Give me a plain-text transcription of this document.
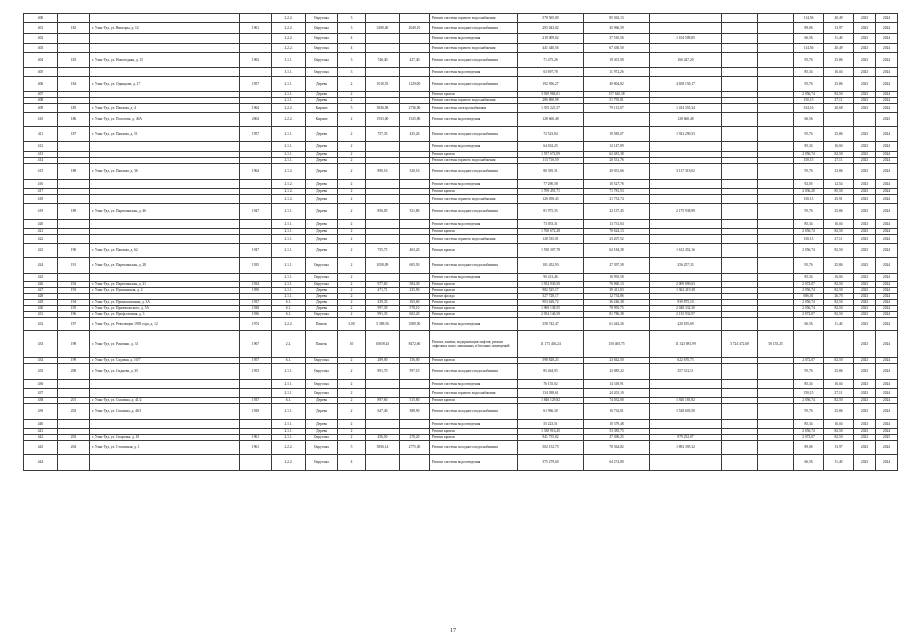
400				2.2.2.	Округлых	3			Ремонт системы горячего водоснабжения	578 565,00	85 363,13				114,56	20,49	2023	2024
401	182	г. Улан-Удэ, ул. Викторы, д. 14	1961	2.2.2.	Округлых	3	3290,40	2040,10	Ремонт системы холодного водоснабжения	293 043,02	45 966,59				89,06	13,97	2023	2024
402				2.2.2.	Округлых	4			Ремонт системы водоотведения	219 009,02	37 510,56	1 104 509,85			66,56	11,40	2023	2024
403				2.2.2.	Округлых	4			Ремонт системы горячего водоснабжения	441 440,56	67 430,50				114,56	20,49	2023	2024
404	183	г. Улан-Удэ, ул. Новогодняя, д. 15	1963	3.1.1.	Округлых	3	746,40	427,40	Ремонт системы холодного водоснабжения	71 475,26	19 301,90	166 447,20			95,76	25,86	2023	2024
405				3.1.1.	Округлых	3			Ремонт системы водоотведения	63 697,78	11 972,26				85,34	16,04	2023	2024
406	184	г. Улан-Удэ, ул. Одинцова, д. 17	1957	2.1.1.	Деревя	2	1010,55	1129,00	Ремонт системы холодного водоснабжения	192 956,27	49 804,82	4 658 150,17			95,76	25,86	2023	2024
407				2.1.1.	Деревя	2			Ремонт кровли	3 929 984,01	157 620,38				2 056,74	82,50	2023	2024
408				2.1.1.	Деревя	2			Ремонт системы горячего водоснабжения	286 860,98	51 795,01				150,15	27,11	2023	2024
409	185	г. Улан-Удэ, ул. Павлова, д. 4	1964	2.2.2.	Кирпич	5	3836,58	2736,00	Ремонт системы электроснабжения	1 355 221,57	79 113,07	1 434 355,34			354,16	20,68	2023	2024
410	186	г. Улан-Удэ, ул. Пологова, д. 40А	2004	2.2.2.	Кирпич	2	1933,00	1525,80	Ремонт системы водоотведения	128 660,48		128 660,48			66,56			2023
411	187	г. Улан-Удэ, ул. Павлова, д. 51	1957	2.1.1.	Деревя	2	757,35	435,20	Ремонт системы холодного водоснабжения	72 523,84	19 585,07	1 923 290,53			95,76	25,86	2023	2024
412				2.1.1.	Деревя	2			Ремонт системы водоотведения	64 632,25	12 147,89				85,34	16,04	2023	2024
413				2.1.1.	Деревя	2			Ремонт кровли	1 557 672,09	62 481,38				2 056,74	82,50	2023	2024
414				2.1.1.	Деревя	2			Ремонт системы горячего водоснабжения	113 716,59	20 531,76				150,15	27,11	2023	2024
415	188	г. Улан-Удэ, ул. Павлова, д. 36	1964	2.1.2.	Деревя	2	890,16	320,16	Ремонт системы холодного водоснабжения	80 395,31	20 031,66	3 117 319,02			95,76	23,86	2023	2024
416				2.1.2.	Деревя	2			Ремонт системы водоотведения	77 290,58	10 527,76				92,05	12,54	2023	2024
417				2.1.2.	Деревя	2			Ремонт кровли	1 709 491,71	71 781,53				2 036,20	85,50	2023	2024
418				2.1.2.	Деревя	2			Ремонт системы горячего водоснабжения	126 058,43	21 752,74				150,15	25,91	2023	2024
419	189	г. Улан-Удэ, ул. Партизанская, д. 46	1947	2.1.1.	Деревя	2	856,05	521,80	Ремонт системы холодного водоснабжения	81 975,35	22 137,45	2 175 938,99			95,76	25,86	2023	2024
420				2.1.1.	Деревя	2			Ремонт системы водоотведения	73 053,31	13 731,04				85,34	16,04	2023	2024
421				2.1.1.	Деревя	2			Ремонт кровли	1 760 672,28	70 624,13				2 056,74	82,50	2023	2024
422				2.1.1.	Деревя	2			Ремонт системы горячего водоснабжения	128 535,01	23 207,52				150,15	27,11	2023	2024
423	190	г. Улан-Удэ, ул. Павлова, д. 62	1947	2.1.1.	Деревя	2	755,75	463,20	Ремонт кровли	1 550 307,78	62 184,38	1 612 452,16			2 056,74	82,50	2023	2024
424	191	г. Улан-Удэ, ул. Партизанская, д. 28	1935	2.1.1.	Округлых	2	1058,09	605,50	Ремонт системы холодного водоснабжения	101 452,93	27 397,38	256 257,33			95,76	25,86	2023	2024
425				2.1.1.	Округлых	2			Ремонт системы водоотведения	90 413,46	16 993,58				85,34	16,04	2023	2024
426	192	г. Улан-Удэ, ул. Партизанская, д. 31	1934	2.1.1.	Округлых	2	977,65	584,30	Ремонт кровли	1 932 930,50	76 960,13	2 009 890,63			2 072,07	82,50	2023	2024
427	193	г. Улан-Удэ, ул. Пушкинская, д. 2	1950	2.1.1.	Деревя	2	471,71	235,90	Ремонт кровли	982 525,17	39 411,03	1 362 419,38			2 056,74	82,50	2023	2024
428				2.1.1.	Деревя	2			Ремонт фасада	327 728,17	12 754,86				686,01	26,70	2023	2024
429	194	г. Улан-Удэ, ул. Промышленная, д. 3А	1937	6.1.	Деревя	2	439,35	165,60	Ремонт кровли	903 628,72	36 246,38	939 875,10			2 056,74	82,50	2023	2024
430	195	г. Улан-Удэ, ул. Пржевальского, д. 5А	1938	6.1.	Деревя	2	997,39	578,10	Ремонт кровли	1 969 138,55	78 993,75	2 048 332,30			2 056,74	82,50	2023	2024
431	196	г. Улан-Удэ, ул. Профсоюзная, д. 3	1936	6.1.	Округлых	2	991,35	602,20	Ремонт кровли	2 054 146,59	81 786,38	2 135 932,97			2 072,07	82,50	2023	2024
432	197	г. Улан-Удэ, ул. Революции 1905 года, д. 12	1974	2.2.2.	Панель	5,00	5 389,56	3580,50	Ремонт системы водоотведения	358 742,47	61 443,26	420 185,69			66,56	11,40	2023	2024
433	198	г. Улан-Удэ, ул. Ринчино, д. 31	1967	2.2.	Панель	10	10658,43	8472,60	Ремонт, замена, модернизация лифтов, ремонт лифтовых шахт, машинных и блочных помещений	11 173 436,24	150 465,75	11 323 881,99	3 724 472,08	50 155,25			2023	2024
434	199	г. Улан-Удэ, ул. Садовая, д. 10/7	1957	6.1.	Округлых	2	289,00	156,00	Ремонт кровли	598 828,23	23 842,50	622 670,73			2 072,07	82,50	2023	2024
435	200	г. Улан-Удэ, ул. Сиднева, д. 35	1953	2.1.1.	Округлых	2	891,70	597,10	Ремонт системы холодного водоснабжения	85 464,95	23 085,22	357 312,11			95,76	25,86	2023	2024
436				2.1.1.	Округлых	2			Ремонт системы водоотведения	76 155,02	14 318,91				85,34	16,04	2023	2024
437				2.1.1.	Округлых	2			Ремонт системы горячего водоснабжения	134 038,61	24 201,10				150,15	27,11	2023	2024
438	201	г. Улан-Удэ, ул. Смолина, д. 41/2	1937	6.1.	Деревя	2	897,60	515,80	Ремонт кровли	1 846 129,82	74 052,00	1 920 181,82			2 056,74	82,50	2023	2024
439	202	г. Улан-Удэ, ул. Смолина, д. 46/1	1929	2.1.1.	Деревя	2	647,40	388,90	Ремонт системы холодного водоснабжения	61 966,30	16 734,01	1 528 603,50			95,76	25,86	2023	2024
440				2.1.1.	Деревя	2			Ремонт системы водоотведения	55 223,51	10 379,48				85,34	16,04	2023	2024
441				2.1.1.	Деревя	2			Ремонт кровли	1 330 916,45	53 385,75				2 056,74	82,50	2023	2024
442	203	г. Улан-Удэ, ул. Спартака, д. 10	1961	2.1.1.	Округлых	2	456,50	278,20	Ремонт кровли	941 755,82	37 496,25	979 252,07			2 072,07	82,50	2023	2025
443	204	г. Улан-Удэ, ул. Столичная, д. 1	1961	2.2.2.	Округлых	5	5836,14	2775,30	Ремонт системы холодного водоснабжения	502 152,75	78 364,82	1 892 395,32			89,06	13,97	2023	2024
444				2.2.2.	Округлых	4			Ремонт системы водоотведения	375 279,60	64 274,80				66,56	11,40	2023	2024
17
